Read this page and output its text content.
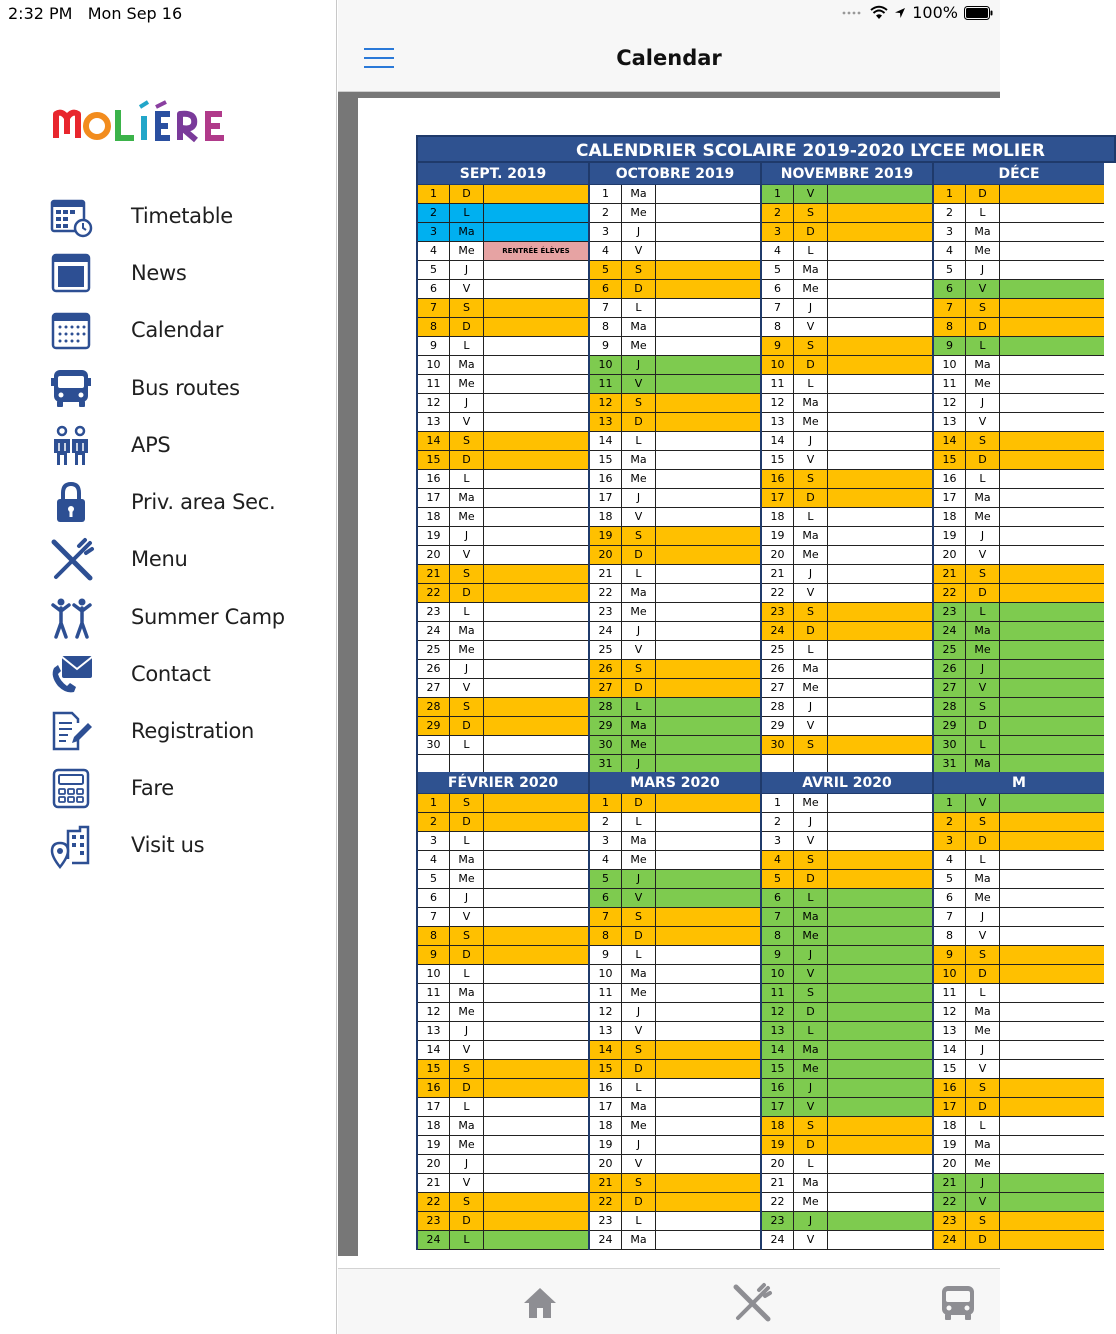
2:32 PM Mon Sep 16	100%
Timetable
News
Calendar
Bus routes
APS
Priv. area Sec.
Menu
Summer Camp
Contact
Registration
Fare
Visit us
Calendar
CALENDRIER SCOLAIRE 2019-2020 LYCEE MOLIER
SEPT. 2019
1	D
2	L
3	Ma
4	Me	RENTRÉE ÉLÈVES
5	J
6	V
7	S
8	D
9	L
10	Ma
11	Me
12	J
13	V
14	S
15	D
16	L
17	Ma
18	Me
19	J
20	V
21	S
22	D
23	L
24	Ma
25	Me
26	J
27	V
28	S
29	D
30	L
OCTOBRE 2019
1	Ma
2	Me
3	J
4	V
5	S
6	D
7	L
8	Ma
9	Me
10	J
11	V
12	S
13	D
14	L
15	Ma
16	Me
17	J
18	V
19	S
20	D
21	L
22	Ma
23	Me
24	J
25	V
26	S
27	D
28	L
29	Ma
30	Me
31	J
NOVEMBRE 2019
1	V
2	S
3	D
4	L
5	Ma
6	Me
7	J
8	V
9	S
10	D
11	L
12	Ma
13	Me
14	J
15	V
16	S
17	D
18	L
19	Ma
20	Me
21	J
22	V
23	S
24	D
25	L
26	Ma
27	Me
28	J
29	V
30	S
DÉCE
1	D
2	L
3	Ma
4	Me
5	J
6	V
7	S
8	D
9	L
10	Ma
11	Me
12	J
13	V
14	S
15	D
16	L
17	Ma
18	Me
19	J
20	V
21	S
22	D
23	L
24	Ma
25	Me
26	J
27	V
28	S
29	D
30	L
31	Ma
FÉVRIER 2020
1	S
2	D
3	L
4	Ma
5	Me
6	J
7	V
8	S
9	D
10	L
11	Ma
12	Me
13	J
14	V
15	S
16	D
17	L
18	Ma
19	Me
20	J
21	V
22	S
23	D
24	L
MARS 2020
1	D
2	L
3	Ma
4	Me
5	J
6	V
7	S
8	D
9	L
10	Ma
11	Me
12	J
13	V
14	S
15	D
16	L
17	Ma
18	Me
19	J
20	V
21	S
22	D
23	L
24	Ma
AVRIL 2020
1	Me
2	J
3	V
4	S
5	D
6	L
7	Ma
8	Me
9	J
10	V
11	S
12	D
13	L
14	Ma
15	Me
16	J
17	V
18	S
19	D
20	L
21	Ma
22	Me
23	J
24	V
M
1	V
2	S
3	D
4	L
5	Ma
6	Me
7	J
8	V
9	S
10	D
11	L
12	Ma
13	Me
14	J
15	V
16	S
17	D
18	L
19	Ma
20	Me
21	J
22	V
23	S
24	D
